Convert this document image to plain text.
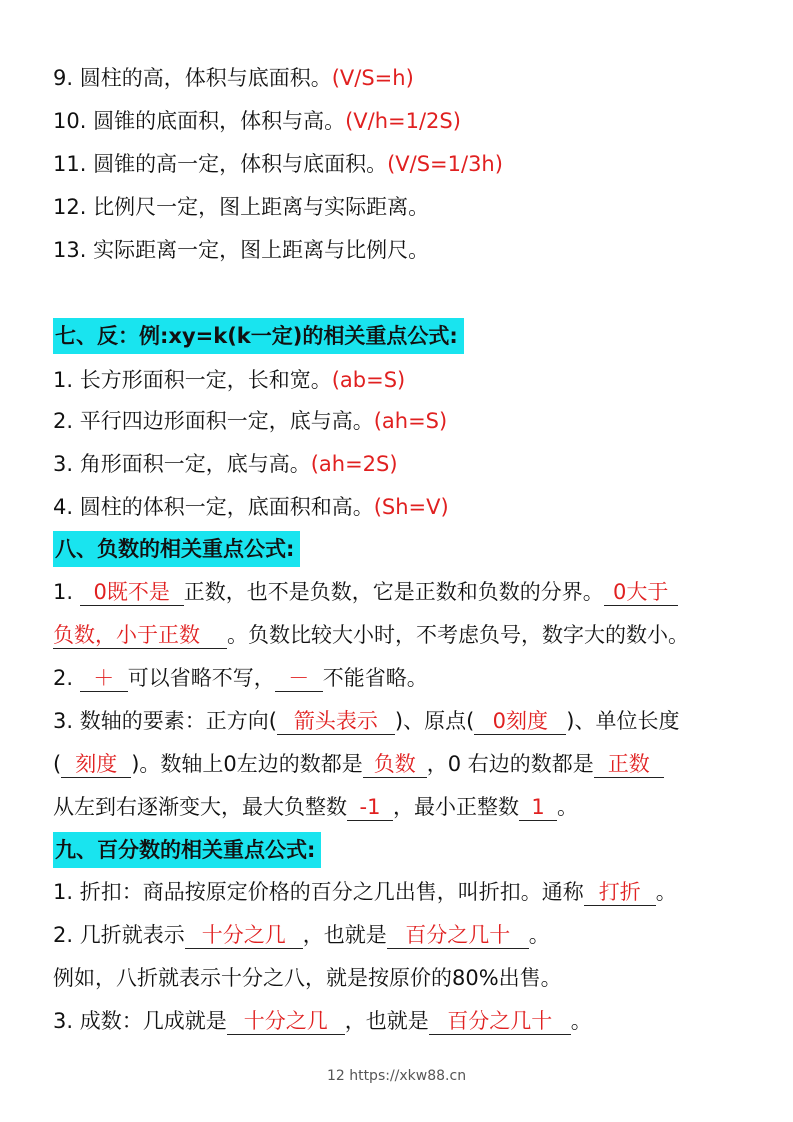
9. 圆柱的高，体积与底面积。(V/S=h)
10. 圆锥的底面积，体积与高。(V/h=1/2S)
11. 圆锥的高一定，体积与底面积。(V/S=1/3h)
12. 比例尺一定，图上距离与实际距离。
13. 实际距离一定，图上距离与比例尺。
七、反：例:xy=k(k一定)的相关重点公式:
1. 长方形面积一定，长和宽。(ab=S)
2. 平行四边形面积一定，底与高。(ah=S)
3. 角形面积一定，底与高。(ah=2S)
4. 圆柱的体积一定，底面积和高。(Sh=V)
八、负数的相关重点公式:
1. 0既不是 正数，也不是负数，它是正数和负数的分界。 0大于
负数，小于正数 。负数比较大小时，不考虑负号，数字大的数小。
2. ＋ 可以省略不写， － 不能省略。
3. 数轴的要素：正方向( 箭头表示 )、原点( 0刻度 )、单位长度
( 刻度 )。数轴上0左边的数都是 负数 ，0 右边的数都是 正数
从左到右逐渐变大，最大负整数 -1 ，最小正整数 1 。
九、百分数的相关重点公式:
1. 折扣：商品按原定价格的百分之几出售，叫折扣。通称 打折 。
2. 几折就表示 十分之几 ，也就是 百分之几十 。
例如，八折就表示十分之八，就是按原价的80%出售。
3. 成数：几成就是 十分之几 ，也就是 百分之几十 。
12 https://xkw88.cn
